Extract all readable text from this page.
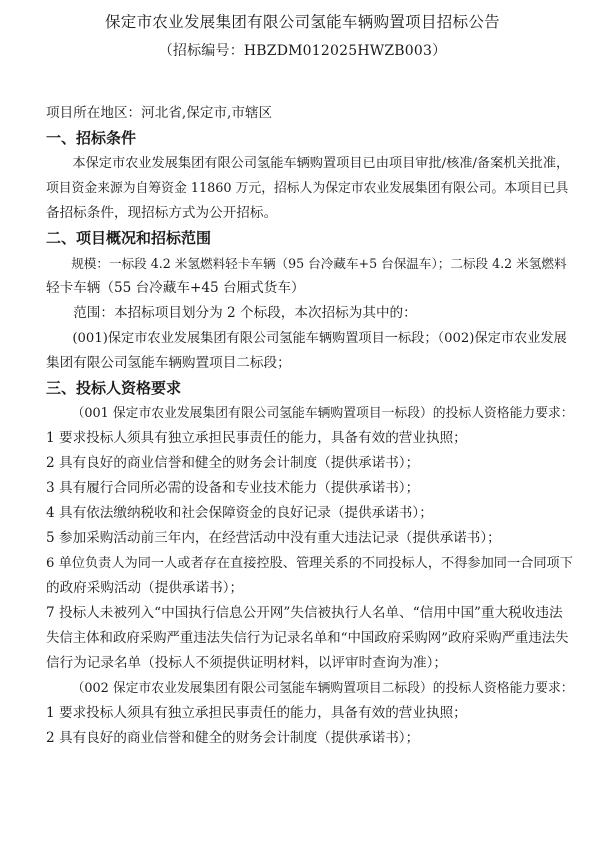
保定市农业发展集团有限公司氢能车辆购置项目招标公告
（招标编号：HBZDM012025HWZB003）

项目所在地区：河北省,保定市,市辖区

一、招标条件

本保定市农业发展集团有限公司氢能车辆购置项目已由项目审批/核准/备案机关批准，

项目资金来源为自筹资金 11860 万元，招标人为保定市农业发展集团有限公司。本项目已具

备招标条件，现招标方式为公开招标。

二、项目概况和招标范围

规模：一标段 4.2 米氢燃料轻卡车辆（95 台冷藏车+5 台保温车）；二标段 4.2 米氢燃料

轻卡车辆（55 台冷藏车+45 台厢式货车）

范围：本招标项目划分为 2 个标段，本次招标为其中的：

(001)保定市农业发展集团有限公司氢能车辆购置项目一标段；（002)保定市农业发展

集团有限公司氢能车辆购置项目二标段；

三、投标人资格要求

（001 保定市农业发展集团有限公司氢能车辆购置项目一标段）的投标人资格能力要求：

1 要求投标人须具有独立承担民事责任的能力，具备有效的营业执照；

2 具有良好的商业信誉和健全的财务会计制度（提供承诺书）；

3 具有履行合同所必需的设备和专业技术能力（提供承诺书）；

4 具有依法缴纳税收和社会保障资金的良好记录（提供承诺书）；

5 参加采购活动前三年内，在经营活动中没有重大违法记录（提供承诺书）；

6 单位负责人为同一人或者存在直接控股、管理关系的不同投标人，不得参加同一合同项下

的政府采购活动（提供承诺书）；

7 投标人未被列入“中国执行信息公开网”失信被执行人名单、“信用中国”重大税收违法

失信主体和政府采购严重违法失信行为记录名单和“中国政府采购网”政府采购严重违法失

信行为记录名单（投标人不须提供证明材料，以评审时查询为准）；

（002 保定市农业发展集团有限公司氢能车辆购置项目二标段）的投标人资格能力要求：

1 要求投标人须具有独立承担民事责任的能力，具备有效的营业执照；

2 具有良好的商业信誉和健全的财务会计制度（提供承诺书）；
